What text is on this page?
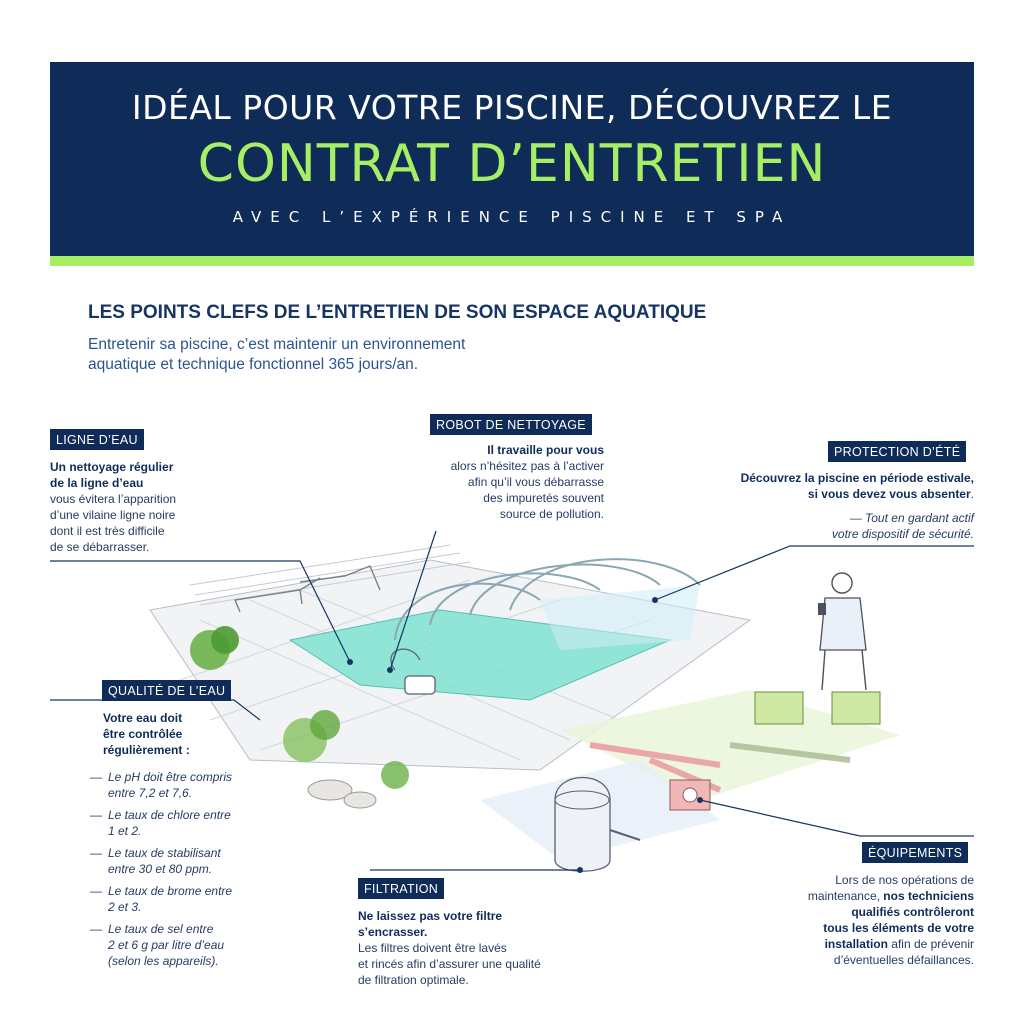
IDÉAL POUR VOTRE PISCINE, DÉCOUVREZ LE
CONTRAT D’ENTRETIEN
AVEC L’EXPÉRIENCE PISCINE ET SPA
LES POINTS CLEFS DE L’ENTRETIEN DE SON ESPACE AQUATIQUE
Entretenir sa piscine, c’est maintenir un environnement
aquatique et technique fonctionnel 365 jours/an.
LIGNE D’EAU
Un nettoyage régulier
de la ligne d’eau
vous évitera l’apparition
d’une vilaine ligne noire
dont il est très difficile
de se débarrasser.
ROBOT DE NETTOYAGE
Il travaille pour vous
alors n’hésitez pas à l’activer
afin qu’il vous débarrasse
des impuretés souvent
source de pollution.
PROTECTION D’ÉTÉ
Découvrez la piscine en période estivale,
si vous devez vous absenter.
— Tout en gardant actif
votre dispositif de sécurité.
QUALITÉ DE L’EAU
Votre eau doit
être contrôlée
régulièrement :
— Le pH doit être compris
entre 7,2 et 7,6.
— Le taux de chlore entre
1 et 2.
— Le taux de stabilisant
entre 30 et 80 ppm.
— Le taux de brome entre
2 et 3.
— Le taux de sel entre
2 et 6 g par litre d’eau
(selon les appareils).
FILTRATION
Ne laissez pas votre filtre
s’encrasser.
Les filtres doivent être lavés
et rincés afin d’assurer une qualité
de filtration optimale.
ÉQUIPEMENTS
Lors de nos opérations de
maintenance, nos techniciens
qualifiés contrôleront
tous les éléments de votre
installation afin de prévenir
d’éventuelles défaillances.
